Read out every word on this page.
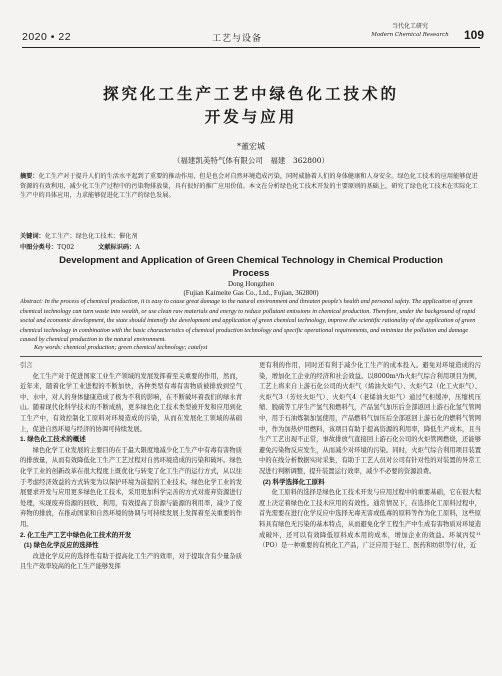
2020 • 22	工艺与设备
当代化工研究
Modern Chemical Research	109
探究化工生产工艺中绿色化工技术的
开发与应用
*董宏城
（福建凯美特气体有限公司　福建　362800）
摘要：化工生产对于提升人们的生活水平起到了重要的推动作用，但是也会对自然环境造成污染，同时威胁着人们的身体健康和人身安全。绿色化工技术的应用能够促进资源的有效利用，减少化工生产过程中的污染物排放量，具有很好的推广应用价值。本文在分析绿色化工技术开发的主要原则的基础上，研究了绿色化工技术在实际化工生产中的具体应用，力求能够促进化工生产的绿色发展。
关键词：化工生产；绿色化工技术；催化剂
中图分类号：TQ02	文献标识码：A
Development and Application of Green Chemical Technology in Chemical Production
Process
Dong Hongzhen
(Fujian Kaimeite Gas Co., Ltd., Fujian, 362800)
Abstract: In the process of chemical production, it is easy to cause great damage to the natural environment and threaten people's health and personal safety. The application of green chemical technology can turn waste into wealth, or use clean raw materials and energy to reduce pollutant emissions in chemical production. Therefore, under the background of rapid social and economic development, the state should intensify the development and application of green chemical technology, improve the scientific rationality of the application of green chemical technology in combination with the basic characteristics of chemical production technology and specific operational requirements, and minimize the pollution and damage caused by chemical production to the natural environment.
Key words: chemical production; green chemical technology; catalyst

引言

化工生产对于促进国家工业生产领域的发展发挥着至关重要的作用，然而，近年来，随着化学工业进程的不断加快，各种类型有毒有害物质被排放到空气中、水中，对人的身体健康造成了极为不利的影响，在不断破坏着我们的绿水青山。随着现代化科学技术的不断成熟，更多绿色化工技术类型被开发和应用到化工生产中，有效控制化工原料对环境造成的污染，从而在发展化工领域的基础上，促进自然环境与经济的协调可持续发展。

1. 绿色化工技术的概述

绿色化学工业发展的主要目的在于最大限度地减少化工生产中有毒有害物质的排放量，从而有效降低化工生产工艺过程对自然环境造成的污染和破坏。绿色化学工业的创新改革在很大程度上既优化与转变了化工生产的运行方式，从以往于考虑经济效益的方式转变为以保护环境为前提的工业技术。绿色化学工业的发展要求开发与应用更多绿色化工技术，采用更加科学完善的方式对废弃资源进行处理，实现废弃资源的回收、利用，有效提高了资源与能源的利用率，减少了废弃物的排放，在推动国家和自然环境的协调与可持续发展上发挥着至关重要的作用。

2. 化工生产工艺中绿色化工技术的开发

(1) 绿色化学反应的选择性

改进化学反应的选择性有助于提高化工生产的效率，对于提取含有少量杂质且生产效率较高的化工生产能够发挥

更有利的作用，同时还有利于减少化工生产的成本投入。避免对环境造成的污染，增加化工企业的经济和社会效益。以8000m³/h火炬气综合利用项目为例，工艺上将来自上游石化公司的火炬气（烯油火炬气）、火炬气2（化工火炬气）、火炬气3（芳烃火炬气）、火炬气4（老烯油火炬气）通过气柜缓冲，压缩机压缩、脱硫等工序生产氢气和燃料气，产品氢气加压后全部返回上游石化氢气管网中，用于石油炼制加氢使用，产品燃料气加压后全部返回上游石化的燃料气管网中，作为加热炉用燃料，该项目有助于提高资源的利用率，降低生产成本，且当生产工艺出现不正常，事故排放气直接回上游石化公司的火炬管网燃烧，还能够避免污染物反应发生，从而减少对环境的污染。同时，火炬气综合利用项目装置中的在线分析数据实时采集，有助于工艺人员对公司有针对性的对装置的异常工况进行判断调整，提升装置运行效率，减少不必要的资源浪费。

(2) 科学选择化工原料

化工原料的选择是绿色化工技术开发与应用过程中的重要基础，它在很大程度上决定着绿色化工技术应用的有效性。通常情况下，在选择化工原料过程中，首先需要在进行化学反应中选择无毒无害或低毒的原料等作为化工原料，这些原料具有绿色无污染的基本特点，从而避免化学工程生产中生成有害物质对环境造成破坏，还可以有效降低原料成本用的成本，增加企业的效益。环氧丙烷¹¹（PO）是一种重要的有机化工产品，广泛应用于轻工、医药和纺织等行业，近
